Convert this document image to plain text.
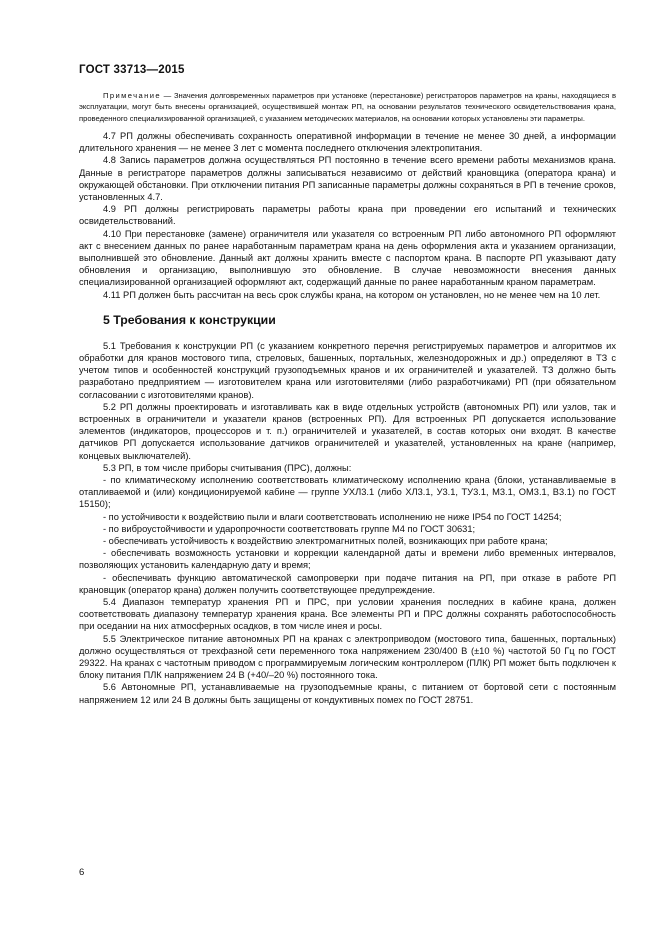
ГОСТ 33713—2015

Примечание — Значения долговременных параметров при установке (перестановке) регистраторов параметров на краны, находящиеся в эксплуатации, могут быть внесены организацией, осуществившей монтаж РП, на основании результатов технического освидетельствования крана, проведенного специализированной организацией, с указанием методических материалов, на основании которых установлены эти параметры.

4.7 РП должны обеспечивать сохранность оперативной информации в течение не менее 30 дней, а информации длительного хранения — не менее 3 лет с момента последнего отключения электропитания.

4.8 Запись параметров должна осуществляться РП постоянно в течение всего времени работы механизмов крана. Данные в регистраторе параметров должны записываться независимо от действий крановщика (оператора крана) и окружающей обстановки. При отключении питания РП записанные параметры должны сохраняться в РП в течение сроков, установленных 4.7.

4.9 РП должны регистрировать параметры работы крана при проведении его испытаний и технических освидетельствований.

4.10 При перестановке (замене) ограничителя или указателя со встроенным РП либо автономного РП оформляют акт с внесением данных по ранее наработанным параметрам крана на день оформления акта и указанием организации, выполнившей это обновление. Данный акт должны хранить вместе с паспортом крана. В паспорте РП указывают дату обновления и организацию, выполнившую это обновление. В случае невозможности внесения данных специализированной организацией оформляют акт, содержащий данные по ранее наработанным краном параметрам.

4.11 РП должен быть рассчитан на весь срок службы крана, на котором он установлен, но не менее чем на 10 лет.

5 Требования к конструкции

5.1 Требования к конструкции РП (с указанием конкретного перечня регистрируемых параметров и алгоритмов их обработки для кранов мостового типа, стреловых, башенных, портальных, железнодорожных и др.) определяют в ТЗ с учетом типов и особенностей конструкций грузоподъемных кранов и их ограничителей и указателей. ТЗ должно быть разработано предприятием — изготовителем крана или изготовителями (либо разработчиками) РП (при обязательном согласовании с изготовителями кранов).

5.2 РП должны проектировать и изготавливать как в виде отдельных устройств (автономных РП) или узлов, так и встроенных в ограничители и указатели кранов (встроенных РП). Для встроенных РП допускается использование элементов (индикаторов, процессоров и т. п.) ограничителей и указателей, в состав которых они входят. В качестве датчиков РП допускается использование датчиков ограничителей и указателей, установленных на кране (например, концевых выключателей).

5.3 РП, в том числе приборы считывания (ПРС), должны:

- по климатическому исполнению соответствовать климатическому исполнению крана (блоки, устанавливаемые в отапливаемой и (или) кондиционируемой кабине — группе УХЛ3.1 (либо ХЛ3.1, У3.1, ТУ3.1, М3.1, ОМ3.1, В3.1) по ГОСТ 15150);

- по устойчивости к воздействию пыли и влаги соответствовать исполнению не ниже IP54 по ГОСТ 14254;

- по виброустойчивости и ударопрочности соответствовать группе М4 по ГОСТ 30631;

- обеспечивать устойчивость к воздействию электромагнитных полей, возникающих при работе крана;

- обеспечивать возможность установки и коррекции календарной даты и времени либо временных интервалов, позволяющих установить календарную дату и время;

- обеспечивать функцию автоматической самопроверки при подаче питания на РП, при отказе в работе РП крановщик (оператор крана) должен получить соответствующее предупреждение.

5.4 Диапазон температур хранения РП и ПРС, при условии хранения последних в кабине крана, должен соответствовать диапазону температур хранения крана. Все элементы РП и ПРС должны сохранять работоспособность при оседании на них атмосферных осадков, в том числе инея и росы.

5.5 Электрическое питание автономных РП на кранах с электроприводом (мостового типа, башенных, портальных) должно осуществляться от трехфазной сети переменного тока напряжением 230/400 В (±10 %) частотой 50 Гц по ГОСТ 29322. На кранах с частотным приводом с программируемым логическим контроллером (ПЛК) РП может быть подключен к блоку питания ПЛК напряжением 24 В (+40/–20 %) постоянного тока.

5.6 Автономные РП, устанавливаемые на грузоподъемные краны, с питанием от бортовой сети с постоянным напряжением 12 или 24 В должны быть защищены от кондуктивных помех по ГОСТ 28751.

6
